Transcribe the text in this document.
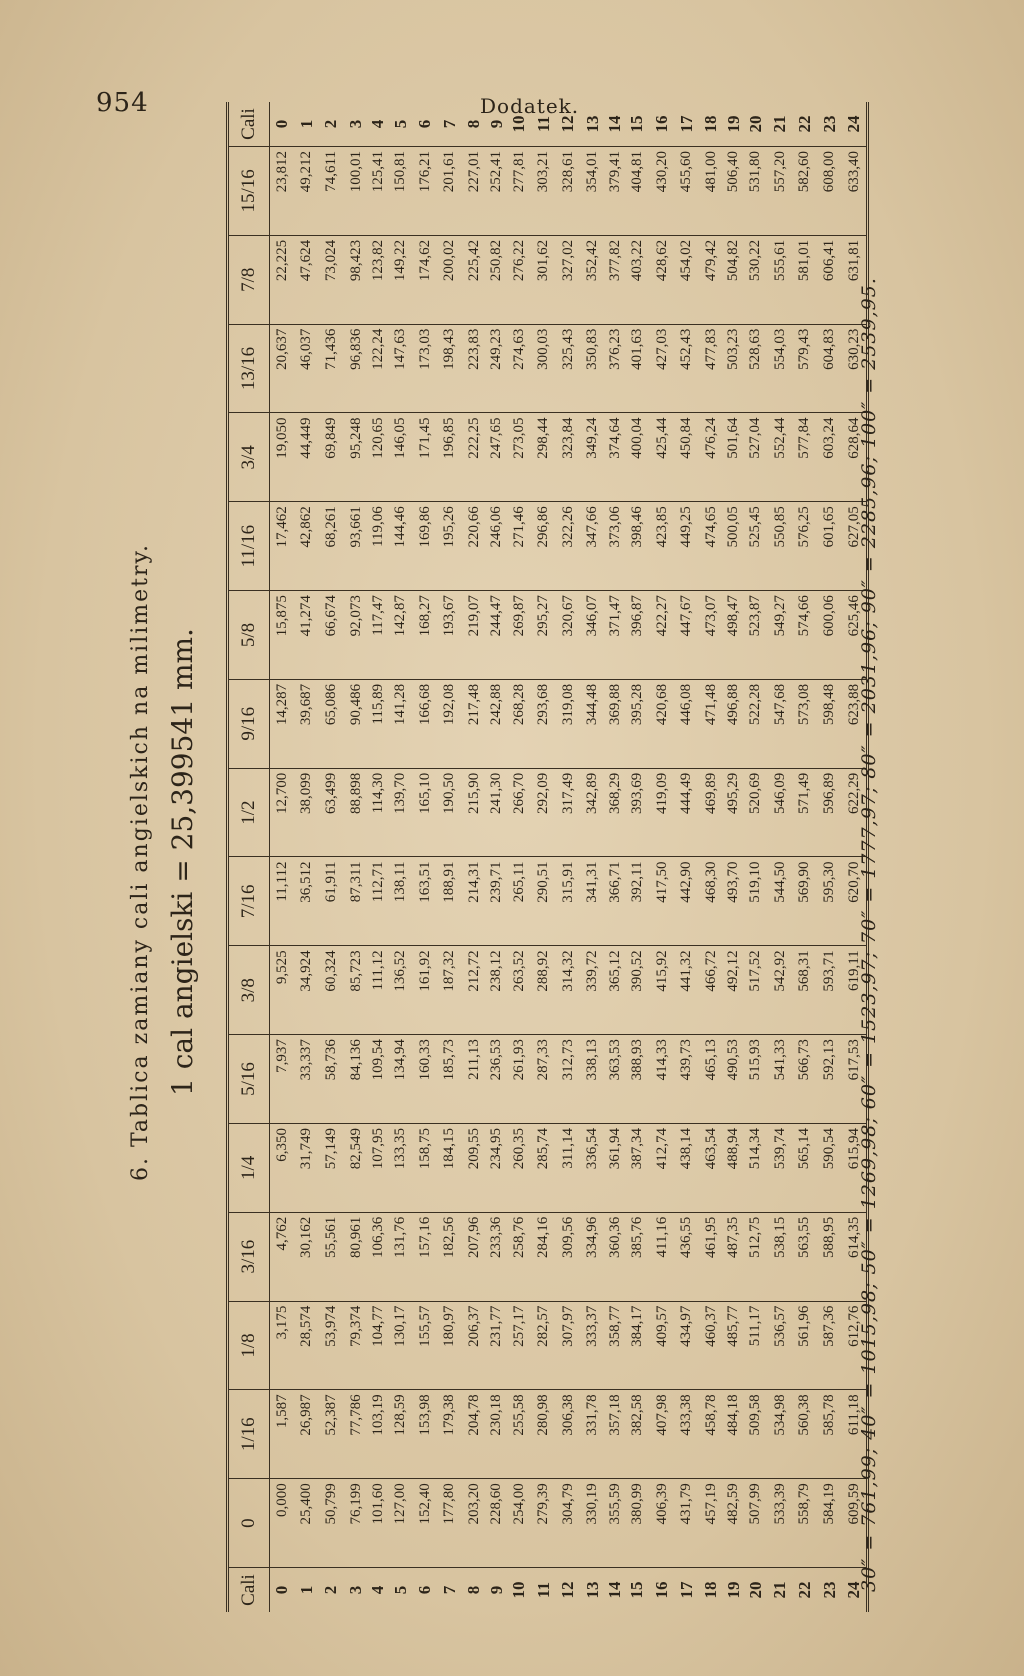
954	Dodatek.
6. Tablica zamiany cali angielskich na milimetry. 1 cal angielski = 25,399541 mm.
Cali	0	1/16	1/8	3/16	1/4	5/16	3/8	7/16	1/2	9/16	5/8	11/16	3/4	13/16	7/8	15/16	Cali
0	0,000	1,587	3,175	4,762	6,350	7,937	9,525	11,112	12,700	14,287	15,875	17,462	19,050	20,637	22,225	23,812	0
1	25,400	26,987	28,574	30,162	31,749	33,337	34,924	36,512	38,099	39,687	41,274	42,862	44,449	46,037	47,624	49,212	1
2	50,799	52,387	53,974	55,561	57,149	58,736	60,324	61,911	63,499	65,086	66,674	68,261	69,849	71,436	73,024	74,611	2
3	76,199	77,786	79,374	80,961	82,549	84,136	85,723	87,311	88,898	90,486	92,073	93,661	95,248	96,836	98,423	100,01	3
4	101,60	103,19	104,77	106,36	107,95	109,54	111,12	112,71	114,30	115,89	117,47	119,06	120,65	122,24	123,82	125,41	4
5	127,00	128,59	130,17	131,76	133,35	134,94	136,52	138,11	139,70	141,28	142,87	144,46	146,05	147,63	149,22	150,81	5
6	152,40	153,98	155,57	157,16	158,75	160,33	161,92	163,51	165,10	166,68	168,27	169,86	171,45	173,03	174,62	176,21	6
7	177,80	179,38	180,97	182,56	184,15	185,73	187,32	188,91	190,50	192,08	193,67	195,26	196,85	198,43	200,02	201,61	7
8	203,20	204,78	206,37	207,96	209,55	211,13	212,72	214,31	215,90	217,48	219,07	220,66	222,25	223,83	225,42	227,01	8
9	228,60	230,18	231,77	233,36	234,95	236,53	238,12	239,71	241,30	242,88	244,47	246,06	247,65	249,23	250,82	252,41	9
10	254,00	255,58	257,17	258,76	260,35	261,93	263,52	265,11	266,70	268,28	269,87	271,46	273,05	274,63	276,22	277,81	10
11	279,39	280,98	282,57	284,16	285,74	287,33	288,92	290,51	292,09	293,68	295,27	296,86	298,44	300,03	301,62	303,21	11
12	304,79	306,38	307,97	309,56	311,14	312,73	314,32	315,91	317,49	319,08	320,67	322,26	323,84	325,43	327,02	328,61	12
13	330,19	331,78	333,37	334,96	336,54	338,13	339,72	341,31	342,89	344,48	346,07	347,66	349,24	350,83	352,42	354,01	13
14	355,59	357,18	358,77	360,36	361,94	363,53	365,12	366,71	368,29	369,88	371,47	373,06	374,64	376,23	377,82	379,41	14
15	380,99	382,58	384,17	385,76	387,34	388,93	390,52	392,11	393,69	395,28	396,87	398,46	400,04	401,63	403,22	404,81	15
16	406,39	407,98	409,57	411,16	412,74	414,33	415,92	417,50	419,09	420,68	422,27	423,85	425,44	427,03	428,62	430,20	16
17	431,79	433,38	434,97	436,55	438,14	439,73	441,32	442,90	444,49	446,08	447,67	449,25	450,84	452,43	454,02	455,60	17
18	457,19	458,78	460,37	461,95	463,54	465,13	466,72	468,30	469,89	471,48	473,07	474,65	476,24	477,83	479,42	481,00	18
19	482,59	484,18	485,77	487,35	488,94	490,53	492,12	493,70	495,29	496,88	498,47	500,05	501,64	503,23	504,82	506,40	19
20	507,99	509,58	511,17	512,75	514,34	515,93	517,52	519,10	520,69	522,28	523,87	525,45	527,04	528,63	530,22	531,80	20
21	533,39	534,98	536,57	538,15	539,74	541,33	542,92	544,50	546,09	547,68	549,27	550,85	552,44	554,03	555,61	557,20	21
22	558,79	560,38	561,96	563,55	565,14	566,73	568,31	569,90	571,49	573,08	574,66	576,25	577,84	579,43	581,01	582,60	22
23	584,19	585,78	587,36	588,95	590,54	592,13	593,71	595,30	596,89	598,48	600,06	601,65	603,24	604,83	606,41	608,00	23
24	609,59	611,18	612,76	614,35	615,94	617,53	619,11	620,70	622,29	623,88	625,46	627,05	628,64	630,23	631,81	633,40	24
30″ = 761,99; 40″ = 1015,98; 50″ = 1269,98; 60″ = 1523,97; 70″ = 1777,97; 80″ = 2031,96; 90″ = 2285,96; 100″ = 2539,95.
